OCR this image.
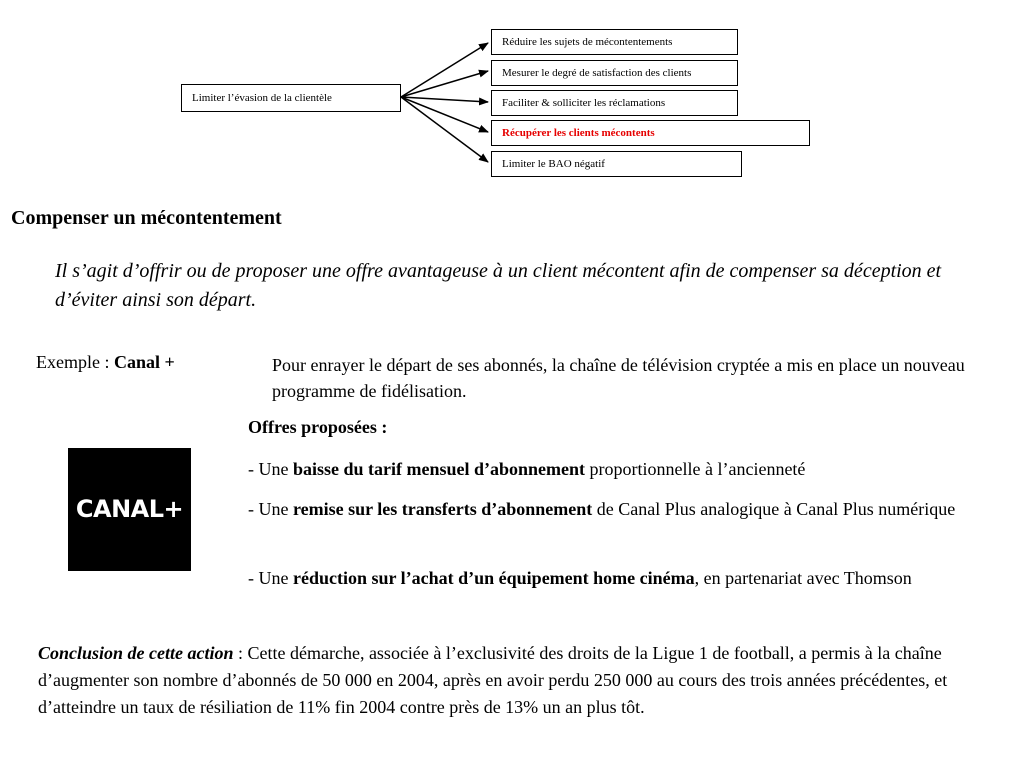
Limiter l’évasion de la clientèle
Réduire les sujets de mécontentements
Mesurer le degré de satisfaction des clients
Faciliter & solliciter les réclamations
Récupérer les clients mécontents
Limiter le BAO négatif
Compenser un mécontentement
Il s’agit d’offrir ou de proposer une offre avantageuse à un client mécontent afin de compenser sa déception et d’éviter ainsi son départ.
Exemple : Canal +	Pour enrayer le départ de ses abonnés, la chaîne de télévision cryptée a mis en place un nouveau programme de fidélisation.
CANAL+
Offres proposées :
- Une baisse du tarif mensuel d’abonnement proportionnelle à l’ancienneté
- Une remise sur les transferts d’abonnement de Canal Plus analogique à Canal Plus numérique
- Une réduction sur l’achat d’un équipement home cinéma, en partenariat avec Thomson
Conclusion de cette action : Cette démarche, associée à l’exclusivité des droits de la Ligue 1 de football, a permis à la chaîne d’augmenter son nombre d’abonnés de 50 000 en 2004, après en avoir perdu 250 000 au cours des trois années précédentes, et d’atteindre un taux de résiliation de 11% fin 2004 contre près de 13% un an plus tôt.
